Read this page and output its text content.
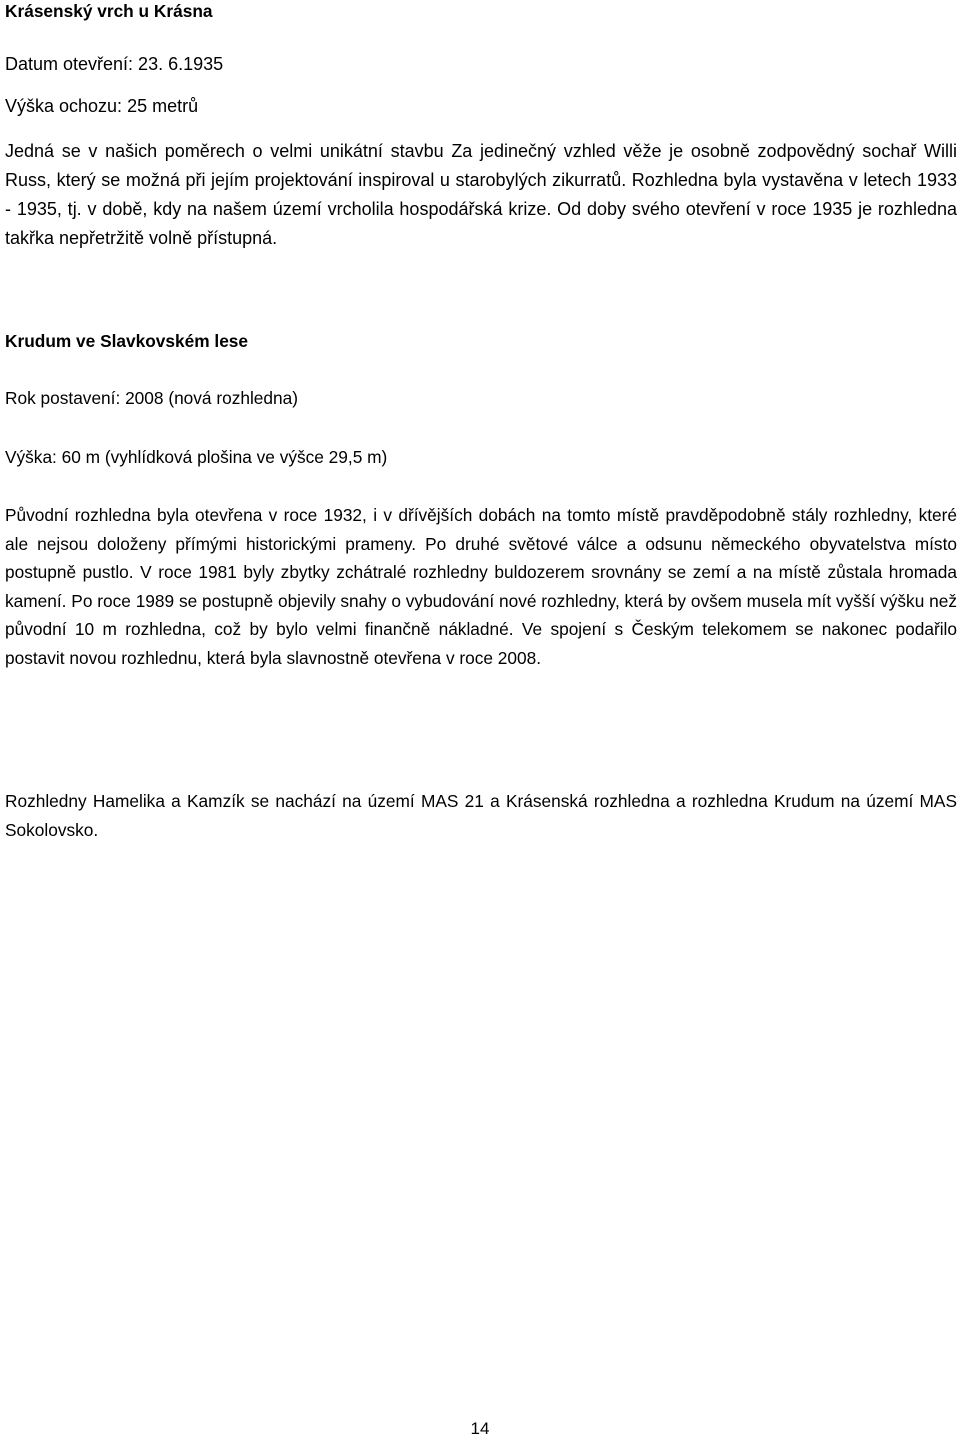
Krásenský vrch u Krásna

Datum otevření: 23. 6.1935

Výška ochozu: 25 metrů

Jedná se v našich poměrech o velmi unikátní stavbu Za jedinečný vzhled věže je osobně zodpovědný sochař Willi Russ, který se možná při jejím projektování inspiroval u starobylých zikurratů. Rozhledna byla vystavěna v letech 1933 - 1935, tj. v době, kdy na našem území vrcholila hospodářská krize. Od doby svého otevření v roce 1935 je rozhledna takřka nepřetržitě volně přístupná.

Krudum ve Slavkovském lese

Rok postavení: 2008 (nová rozhledna)

Výška: 60 m (vyhlídková plošina ve výšce 29,5 m)

Původní rozhledna byla otevřena v roce 1932, i v dřívějších dobách na tomto místě pravděpodobně stály rozhledny, které ale nejsou doloženy přímými historickými prameny. Po druhé světové válce a odsunu německého obyvatelstva místo postupně pustlo. V roce 1981 byly zbytky zchátralé rozhledny buldozerem srovnány se zemí a na místě zůstala hromada kamení. Po roce 1989 se postupně objevily snahy o vybudování nové rozhledny, která by ovšem musela mít vyšší výšku než původní 10 m rozhledna, což by bylo velmi finančně nákladné. Ve spojení s Českým telekomem se nakonec podařilo postavit novou rozhlednu, která byla slavnostně otevřena v roce 2008.

Rozhledny Hamelika a Kamzík se nachází na území MAS 21 a Krásenská rozhledna a rozhledna Krudum na území MAS Sokolovsko.

14
